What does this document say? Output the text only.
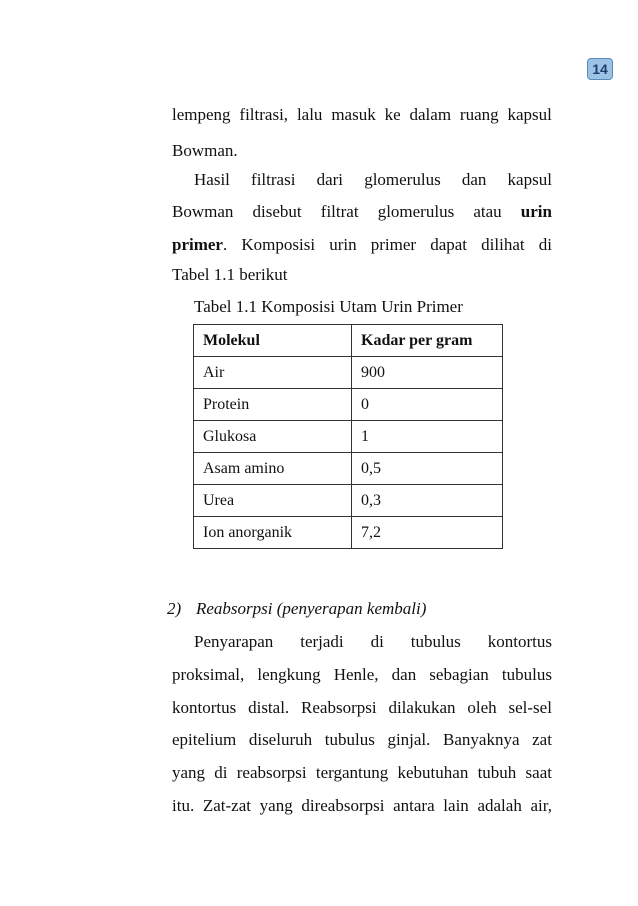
14
lempeng filtrasi, lalu masuk ke dalam ruang kapsul
Bowman.
Hasil filtrasi dari glomerulus dan kapsul
Bowman disebut filtrat glomerulus atau urin
primer. Komposisi urin primer dapat dilihat di
Tabel 1.1 berikut
Tabel 1.1 Komposisi Utam Urin Primer
Molekul	Kadar per gram
Air	900
Protein	0
Glukosa	1
Asam amino	0,5
Urea	0,3
Ion anorganik	7,2
2) Reabsorpsi (penyerapan kembali)
Penyarapan terjadi di tubulus kontortus
proksimal, lengkung Henle, dan sebagian tubulus
kontortus distal. Reabsorpsi dilakukan oleh sel-sel
epitelium diseluruh tubulus ginjal. Banyaknya zat
yang di reabsorpsi tergantung kebutuhan tubuh saat
itu. Zat-zat yang direabsorpsi antara lain adalah air,
